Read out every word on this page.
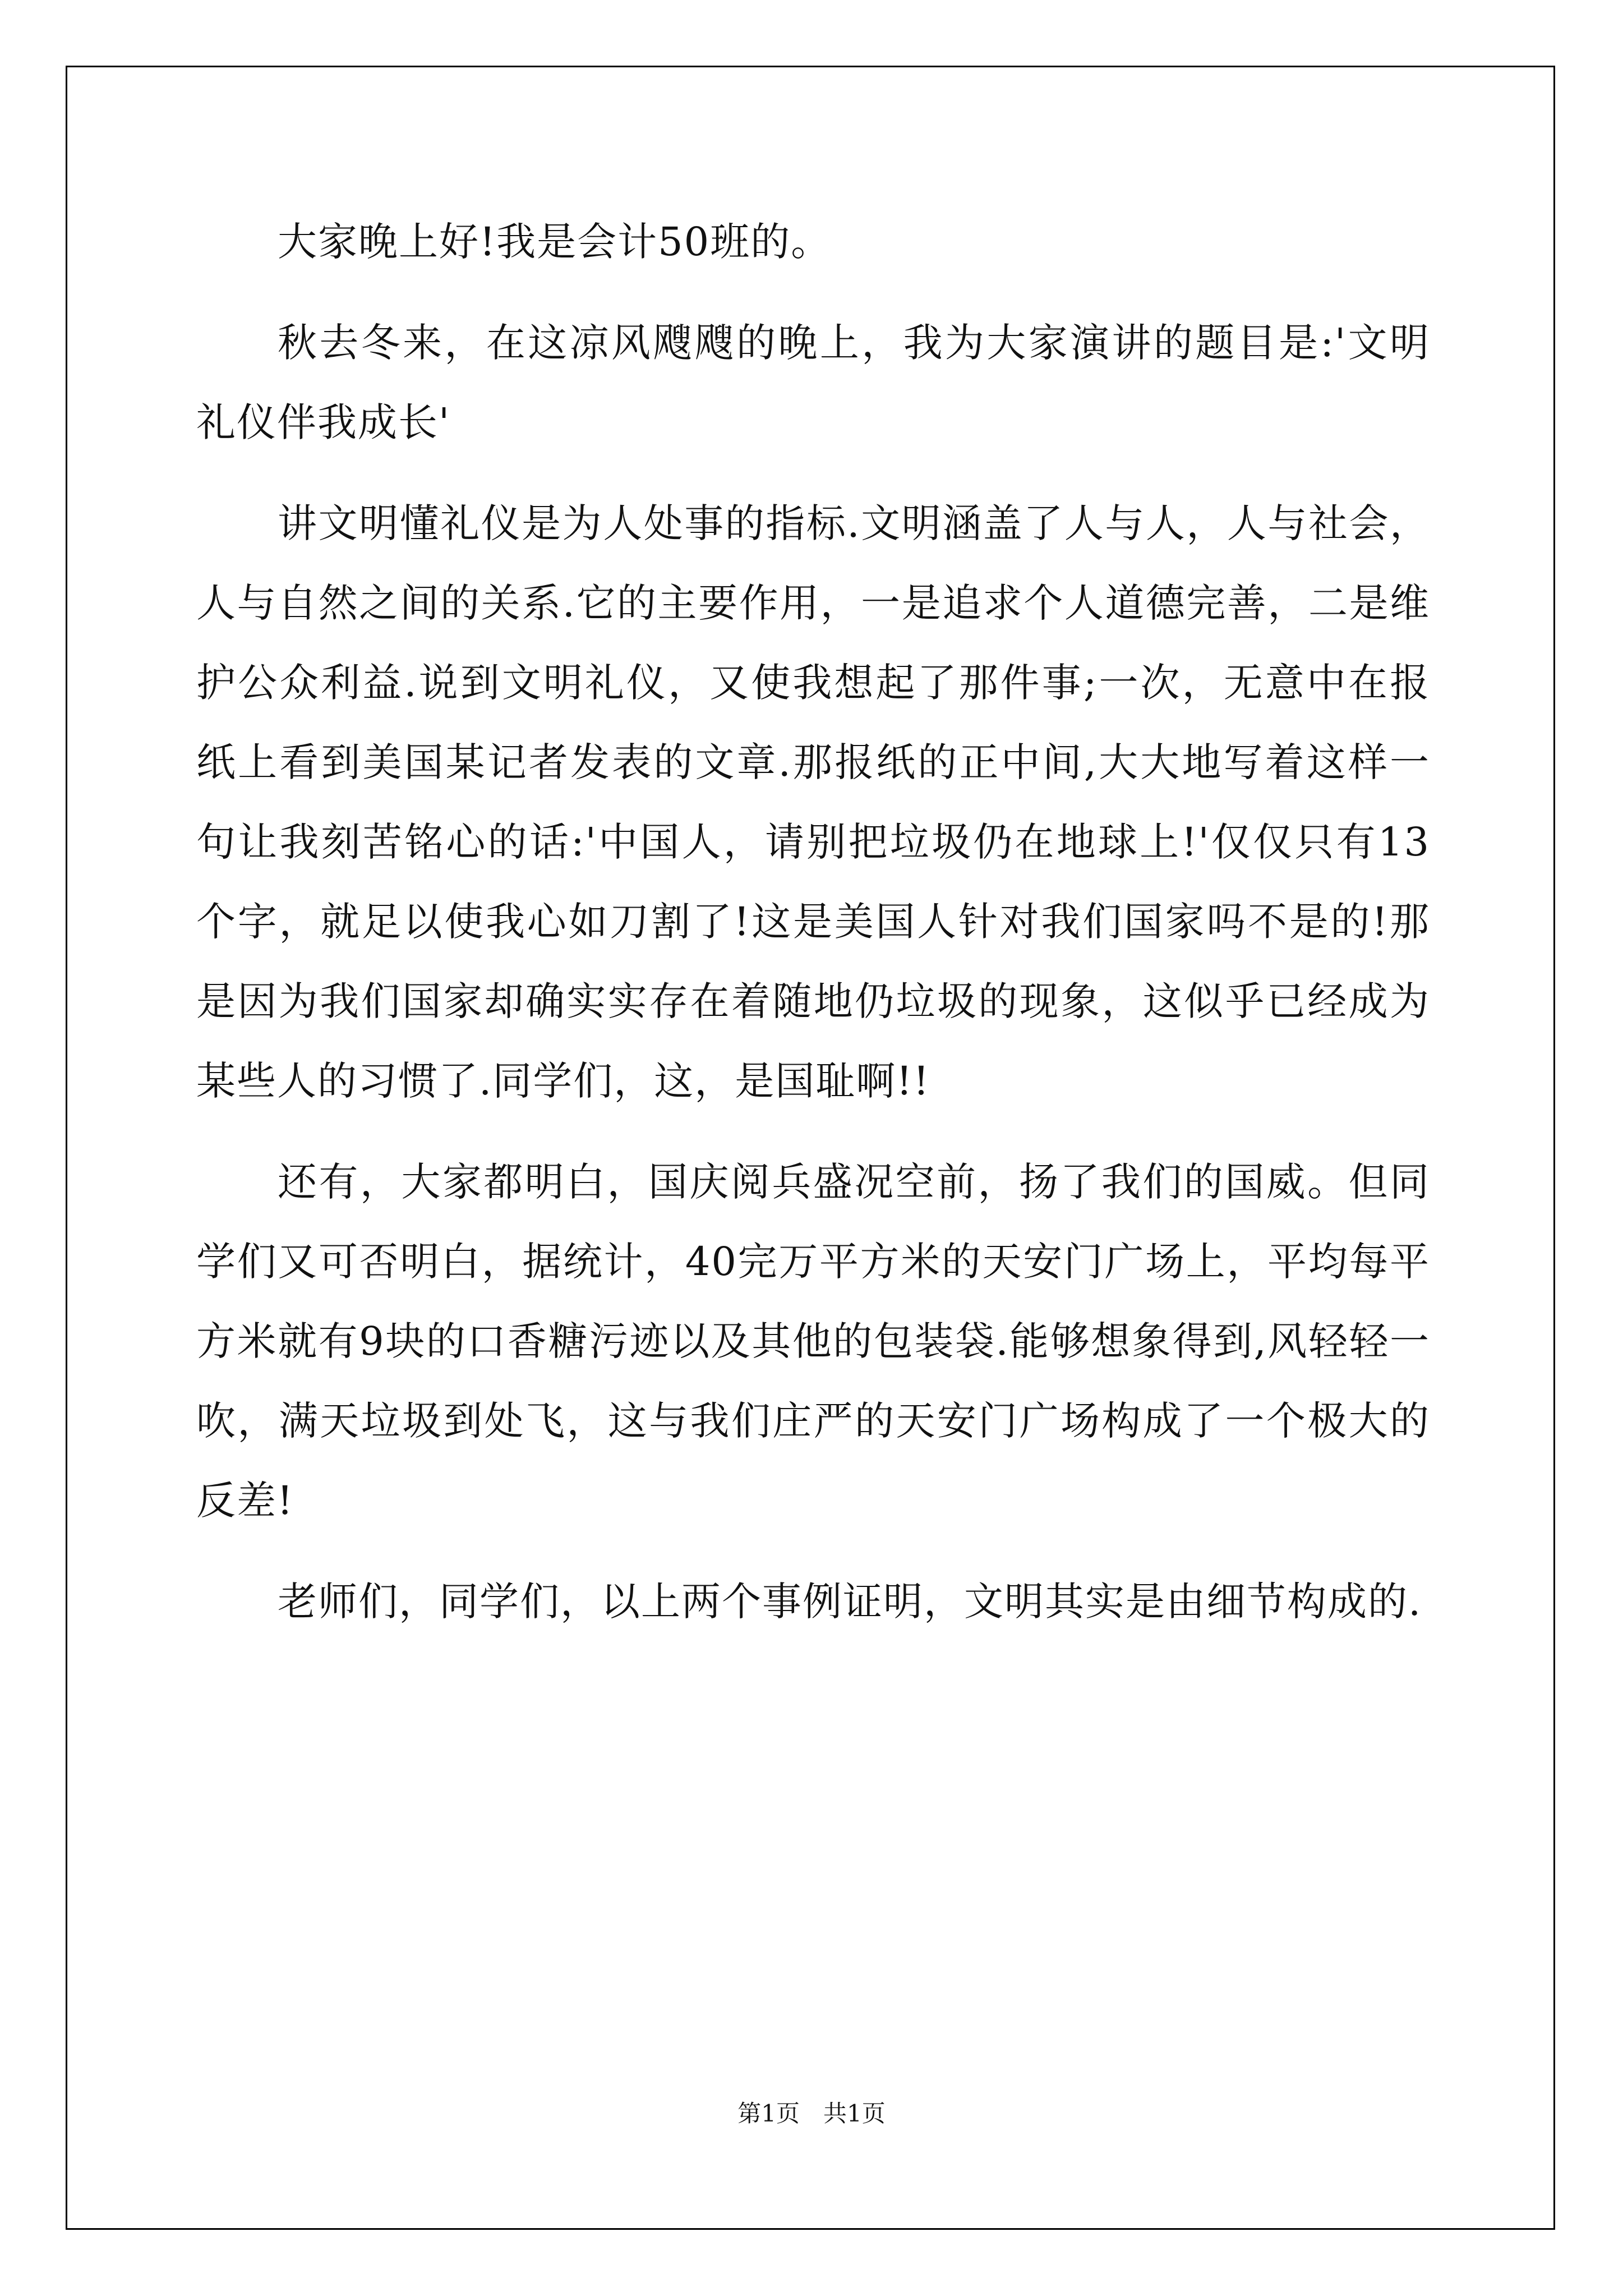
大家晚上好!我是会计50班的。

秋去冬来，在这凉风飕飕的晚上，我为大家演讲的题目是:'文明礼仪伴我成长'

讲文明懂礼仪是为人处事的指标.文明涵盖了人与人，人与社会，人与自然之间的关系.它的主要作用，一是追求个人道德完善，二是维护公众利益.说到文明礼仪，又使我想起了那件事;一次，无意中在报纸上看到美国某记者发表的文章.那报纸的正中间,大大地写着这样一句让我刻苦铭心的话:'中国人，请别把垃圾仍在地球上!'仅仅只有13个字，就足以使我心如刀割了!这是美国人针对我们国家吗不是的!那是因为我们国家却确实实存在着随地仍垃圾的现象，这似乎已经成为某些人的习惯了.同学们，这，是国耻啊!!

还有，大家都明白，国庆阅兵盛况空前，扬了我们的国威。但同学们又可否明白，据统计，40完万平方米的天安门广场上，平均每平方米就有9块的口香糖污迹以及其他的包装袋.能够想象得到,风轻轻一吹，满天垃圾到处飞，这与我们庄严的天安门广场构成了一个极大的反差!

老师们，同学们，以上两个事例证明，文明其实是由细节构成的.

第1页　共1页
